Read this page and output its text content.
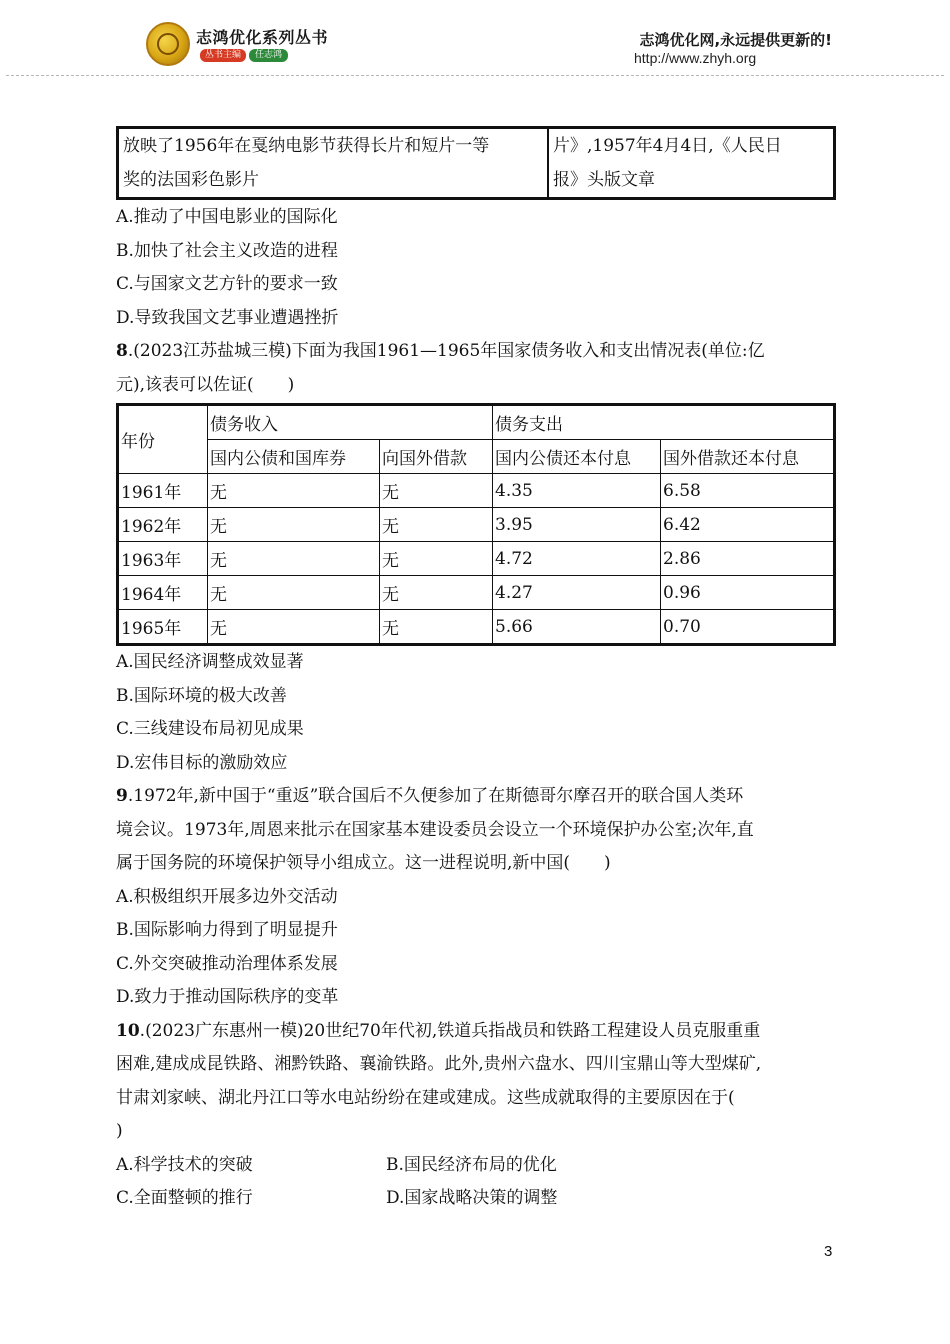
志鸿优化系列丛书
丛书主编 任志鸿
志鸿优化网,永远提供更新的!
http://www.zhyh.org
放映了1956年在戛纳电影节获得长片和短片一等
奖的法国彩色影片

片》,1957年4月4日,《人民日
报》头版文章
A.推动了中国电影业的国际化
B.加快了社会主义改造的进程
C.与国家文艺方针的要求一致
D.导致我国文艺事业遭遇挫折
8.(2023江苏盐城三模)下面为我国1961—1965年国家债务收入和支出情况表(单位:亿
元),该表可以佐证(　　)
年份	债务收入		债务支出	
	国内公债和国库券	向国外借款	国内公债还本付息	国外借款还本付息
1961年	无	无	4.35	6.58
1962年	无	无	3.95	6.42
1963年	无	无	4.72	2.86
1964年	无	无	4.27	0.96
1965年	无	无	5.66	0.70
A.国民经济调整成效显著
B.国际环境的极大改善
C.三线建设布局初见成果
D.宏伟目标的激励效应
9.1972年,新中国于“重返”联合国后不久便参加了在斯德哥尔摩召开的联合国人类环
境会议。1973年,周恩来批示在国家基本建设委员会设立一个环境保护办公室;次年,直
属于国务院的环境保护领导小组成立。这一进程说明,新中国(　　)
A.积极组织开展多边外交活动
B.国际影响力得到了明显提升
C.外交突破推动治理体系发展
D.致力于推动国际秩序的变革
10.(2023广东惠州一模)20世纪70年代初,铁道兵指战员和铁路工程建设人员克服重重
困难,建成成昆铁路、湘黔铁路、襄渝铁路。此外,贵州六盘水、四川宝鼎山等大型煤矿,
甘肃刘家峡、湖北丹江口等水电站纷纷在建或建成。这些成就取得的主要原因在于(
)
A.科学技术的突破	B.国民经济布局的优化
C.全面整顿的推行	D.国家战略决策的调整
3
